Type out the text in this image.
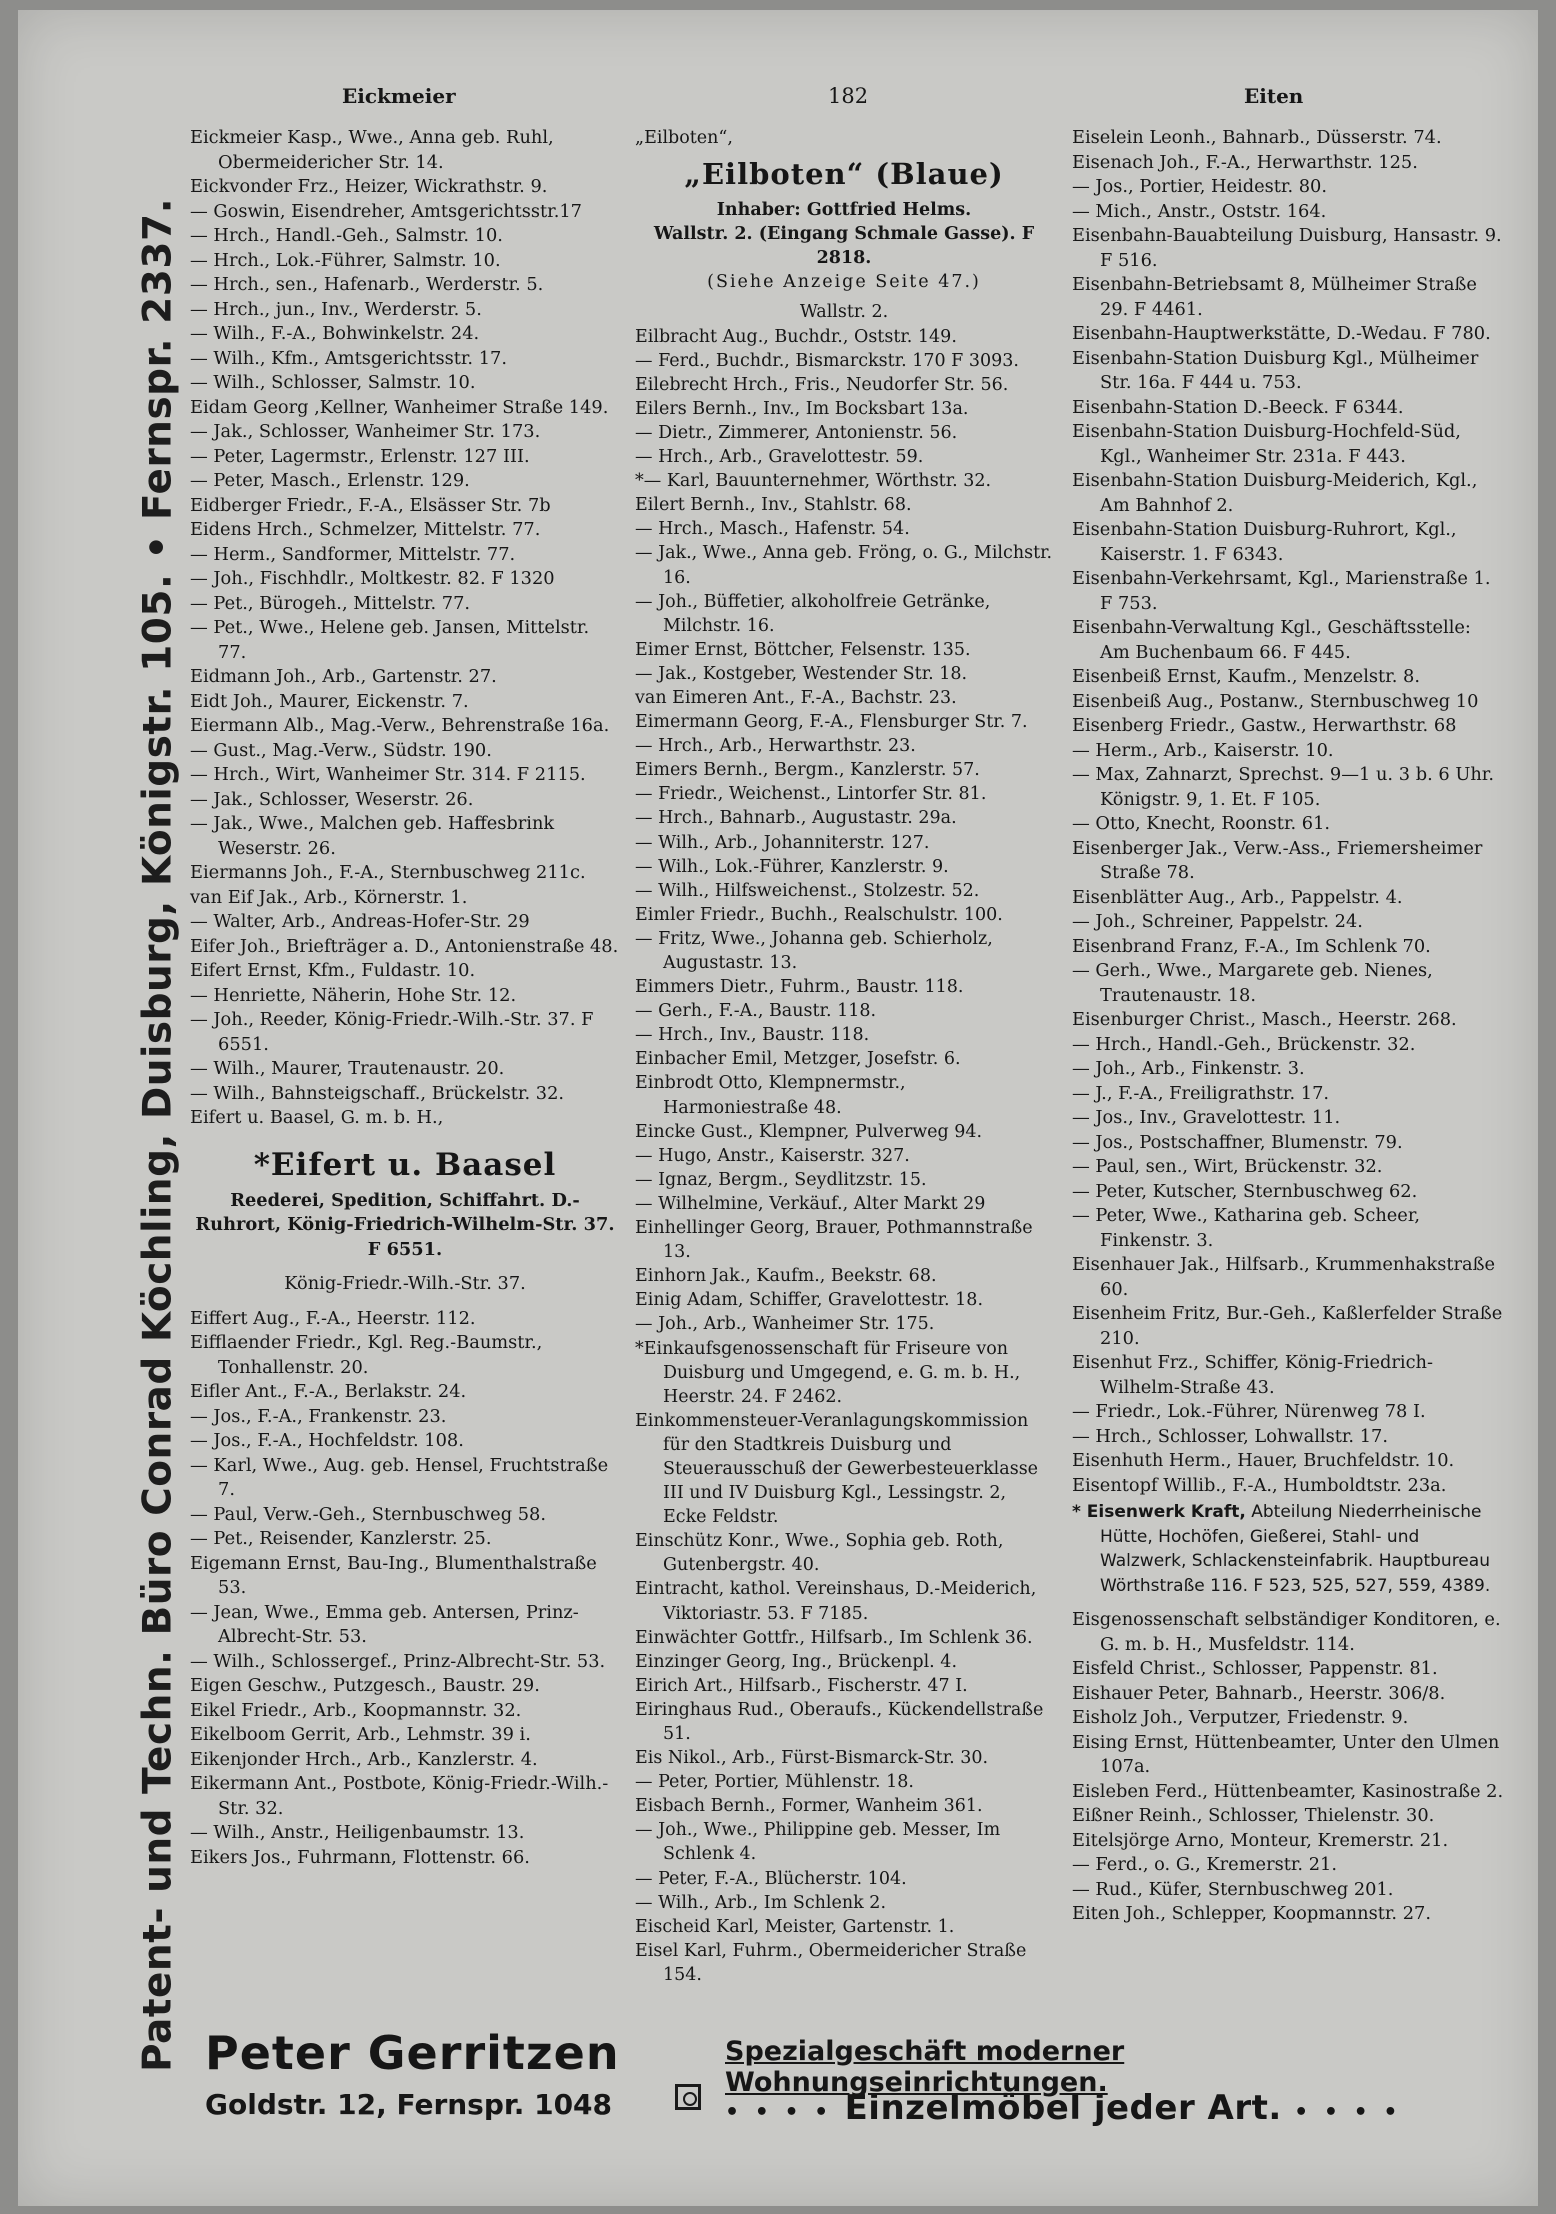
Patent- und Techn. Büro Conrad Köchling, Duisburg, Königstr. 105. • Fernspr. 2337.
Eickmeier	182	Eiten
Eickmeier Kasp., Wwe., Anna geb. Ruhl, Obermeidericher Str. 14.
Eickvonder Frz., Heizer, Wickrathstr. 9.
— Goswin, Eisendreher, Amtsgerichtsstr.17
— Hrch., Handl.-Geh., Salmstr. 10.
— Hrch., Lok.-Führer, Salmstr. 10.
— Hrch., sen., Hafenarb., Werderstr. 5.
— Hrch., jun., Inv., Werderstr. 5.
— Wilh., F.-A., Bohwinkelstr. 24.
— Wilh., Kfm., Amtsgerichtsstr. 17.
— Wilh., Schlosser, Salmstr. 10.
Eidam Georg ,Kellner, Wanheimer Straße 149.
— Jak., Schlosser, Wanheimer Str. 173.
— Peter, Lagermstr., Erlenstr. 127 III.
— Peter, Masch., Erlenstr. 129.
Eidberger Friedr., F.-A., Elsässer Str. 7b
Eidens Hrch., Schmelzer, Mittelstr. 77.
— Herm., Sandformer, Mittelstr. 77.
— Joh., Fischhdlr., Moltkestr. 82. F 1320
— Pet., Bürogeh., Mittelstr. 77.
— Pet., Wwe., Helene geb. Jansen, Mittelstr. 77.
Eidmann Joh., Arb., Gartenstr. 27.
Eidt Joh., Maurer, Eickenstr. 7.
Eiermann Alb., Mag.-Verw., Behrenstraße 16a.
— Gust., Mag.-Verw., Südstr. 190.
— Hrch., Wirt, Wanheimer Str. 314. F 2115.
— Jak., Schlosser, Weserstr. 26.
— Jak., Wwe., Malchen geb. Haffesbrink Weserstr. 26.
Eiermanns Joh., F.-A., Sternbuschweg 211c.
van Eif Jak., Arb., Körnerstr. 1.
— Walter, Arb., Andreas-Hofer-Str. 29
Eifer Joh., Briefträger a. D., Antonienstraße 48.
Eifert Ernst, Kfm., Fuldastr. 10.
— Henriette, Näherin, Hohe Str. 12.
— Joh., Reeder, König-Friedr.-Wilh.-Str. 37. F 6551.
— Wilh., Maurer, Trautenaustr. 20.
— Wilh., Bahnsteigschaff., Brückelstr. 32.
Eifert u. Baasel, G. m. b. H.,
*Eifert u. Baasel
Reederei, Spedition, Schiffahrt. D.-Ruhrort, König-Friedrich-Wilhelm-Str. 37. F 6551.
König-Friedr.-Wilh.-Str. 37.
Eiffert Aug., F.-A., Heerstr. 112.
Eifflaender Friedr., Kgl. Reg.-Baumstr., Tonhallenstr. 20.
Eifler Ant., F.-A., Berlakstr. 24.
— Jos., F.-A., Frankenstr. 23.
— Jos., F.-A., Hochfeldstr. 108.
— Karl, Wwe., Aug. geb. Hensel, Fruchtstraße 7.
— Paul, Verw.-Geh., Sternbuschweg 58.
— Pet., Reisender, Kanzlerstr. 25.
Eigemann Ernst, Bau-Ing., Blumenthalstraße 53.
— Jean, Wwe., Emma geb. Antersen, Prinz-Albrecht-Str. 53.
— Wilh., Schlossergef., Prinz-Albrecht-Str. 53.
Eigen Geschw., Putzgesch., Baustr. 29.
Eikel Friedr., Arb., Koopmannstr. 32.
Eikelboom Gerrit, Arb., Lehmstr. 39 i.
Eikenjonder Hrch., Arb., Kanzlerstr. 4.
Eikermann Ant., Postbote, König-Friedr.-Wilh.-Str. 32.
— Wilh., Anstr., Heiligenbaumstr. 13.
Eikers Jos., Fuhrmann, Flottenstr. 66.
„Eilboten“,
„Eilboten“ (Blaue)
Inhaber: Gottfried Helms.
Wallstr. 2. (Eingang Schmale Gasse). F 2818.
(Siehe Anzeige Seite 47.)
Wallstr. 2.
Eilbracht Aug., Buchdr., Oststr. 149.
— Ferd., Buchdr., Bismarckstr. 170 F 3093.
Eilebrecht Hrch., Fris., Neudorfer Str. 56.
Eilers Bernh., Inv., Im Bocksbart 13a.
— Dietr., Zimmerer, Antonienstr. 56.
— Hrch., Arb., Gravelottestr. 59.
*— Karl, Bauunternehmer, Wörthstr. 32.
Eilert Bernh., Inv., Stahlstr. 68.
— Hrch., Masch., Hafenstr. 54.
— Jak., Wwe., Anna geb. Fröng, o. G., Milchstr. 16.
— Joh., Büffetier, alkoholfreie Getränke, Milchstr. 16.
Eimer Ernst, Böttcher, Felsenstr. 135.
— Jak., Kostgeber, Westender Str. 18.
van Eimeren Ant., F.-A., Bachstr. 23.
Eimermann Georg, F.-A., Flensburger Str. 7.
— Hrch., Arb., Herwarthstr. 23.
Eimers Bernh., Bergm., Kanzlerstr. 57.
— Friedr., Weichenst., Lintorfer Str. 81.
— Hrch., Bahnarb., Augustastr. 29a.
— Wilh., Arb., Johanniterstr. 127.
— Wilh., Lok.-Führer, Kanzlerstr. 9.
— Wilh., Hilfsweichenst., Stolzestr. 52.
Eimler Friedr., Buchh., Realschulstr. 100.
— Fritz, Wwe., Johanna geb. Schierholz, Augustastr. 13.
Eimmers Dietr., Fuhrm., Baustr. 118.
— Gerh., F.-A., Baustr. 118.
— Hrch., Inv., Baustr. 118.
Einbacher Emil, Metzger, Josefstr. 6.
Einbrodt Otto, Klempnermstr., Harmoniestraße 48.
Eincke Gust., Klempner, Pulverweg 94.
— Hugo, Anstr., Kaiserstr. 327.
— Ignaz, Bergm., Seydlitzstr. 15.
— Wilhelmine, Verkäuf., Alter Markt 29
Einhellinger Georg, Brauer, Pothmannstraße 13.
Einhorn Jak., Kaufm., Beekstr. 68.
Einig Adam, Schiffer, Gravelottestr. 18.
— Joh., Arb., Wanheimer Str. 175.
*Einkaufsgenossenschaft für Friseure von Duisburg und Umgegend, e. G. m. b. H., Heerstr. 24. F 2462.
Einkommensteuer-Veranlagungskommission für den Stadtkreis Duisburg und Steuerausschuß der Gewerbesteuerklasse III und IV Duisburg Kgl., Lessingstr. 2, Ecke Feldstr.
Einschütz Konr., Wwe., Sophia geb. Roth, Gutenbergstr. 40.
Eintracht, kathol. Vereinshaus, D.-Meiderich, Viktoriastr. 53. F 7185.
Einwächter Gottfr., Hilfsarb., Im Schlenk 36.
Einzinger Georg, Ing., Brückenpl. 4.
Eirich Art., Hilfsarb., Fischerstr. 47 I.
Eiringhaus Rud., Oberaufs., Kückendellstraße 51.
Eis Nikol., Arb., Fürst-Bismarck-Str. 30.
— Peter, Portier, Mühlenstr. 18.
Eisbach Bernh., Former, Wanheim 361.
— Joh., Wwe., Philippine geb. Messer, Im Schlenk 4.
— Peter, F.-A., Blücherstr. 104.
— Wilh., Arb., Im Schlenk 2.
Eischeid Karl, Meister, Gartenstr. 1.
Eisel Karl, Fuhrm., Obermeidericher Straße 154.
Eiselein Leonh., Bahnarb., Düsserstr. 74.
Eisenach Joh., F.-A., Herwarthstr. 125.
— Jos., Portier, Heidestr. 80.
— Mich., Anstr., Oststr. 164.
Eisenbahn-Bauabteilung Duisburg, Hansastr. 9. F 516.
Eisenbahn-Betriebsamt 8, Mülheimer Straße 29. F 4461.
Eisenbahn-Hauptwerkstätte, D.-Wedau. F 780.
Eisenbahn-Station Duisburg Kgl., Mülheimer Str. 16a. F 444 u. 753.
Eisenbahn-Station D.-Beeck. F 6344.
Eisenbahn-Station Duisburg-Hochfeld-Süd, Kgl., Wanheimer Str. 231a. F 443.
Eisenbahn-Station Duisburg-Meiderich, Kgl., Am Bahnhof 2.
Eisenbahn-Station Duisburg-Ruhrort, Kgl., Kaiserstr. 1. F 6343.
Eisenbahn-Verkehrsamt, Kgl., Marienstraße 1. F 753.
Eisenbahn-Verwaltung Kgl., Geschäftsstelle: Am Buchenbaum 66. F 445.
Eisenbeiß Ernst, Kaufm., Menzelstr. 8.
Eisenbeiß Aug., Postanw., Sternbuschweg 10
Eisenberg Friedr., Gastw., Herwarthstr. 68
— Herm., Arb., Kaiserstr. 10.
— Max, Zahnarzt, Sprechst. 9—1 u. 3 b. 6 Uhr. Königstr. 9, 1. Et. F 105.
— Otto, Knecht, Roonstr. 61.
Eisenberger Jak., Verw.-Ass., Friemersheimer Straße 78.
Eisenblätter Aug., Arb., Pappelstr. 4.
— Joh., Schreiner, Pappelstr. 24.
Eisenbrand Franz, F.-A., Im Schlenk 70.
— Gerh., Wwe., Margarete geb. Nienes, Trautenaustr. 18.
Eisenburger Christ., Masch., Heerstr. 268.
— Hrch., Handl.-Geh., Brückenstr. 32.
— Joh., Arb., Finkenstr. 3.
— J., F.-A., Freiligrathstr. 17.
— Jos., Inv., Gravelottestr. 11.
— Jos., Postschaffner, Blumenstr. 79.
— Paul, sen., Wirt, Brückenstr. 32.
— Peter, Kutscher, Sternbuschweg 62.
— Peter, Wwe., Katharina geb. Scheer, Finkenstr. 3.
Eisenhauer Jak., Hilfsarb., Krummenhakstraße 60.
Eisenheim Fritz, Bur.-Geh., Kaßlerfelder Straße 210.
Eisenhut Frz., Schiffer, König-Friedrich-Wilhelm-Straße 43.
— Friedr., Lok.-Führer, Nürenweg 78 I.
— Hrch., Schlosser, Lohwallstr. 17.
Eisenhuth Herm., Hauer, Bruchfeldstr. 10.
Eisentopf Willib., F.-A., Humboldtstr. 23a.
* Eisenwerk Kraft, Abteilung Niederrheinische Hütte, Hochöfen, Gießerei, Stahl- und Walzwerk, Schlackensteinfabrik. Hauptbureau Wörthstraße 116. F 523, 525, 527, 559, 4389.
Eisgenossenschaft selbständiger Konditoren, e. G. m. b. H., Musfeldstr. 114.
Eisfeld Christ., Schlosser, Pappenstr. 81.
Eishauer Peter, Bahnarb., Heerstr. 306/8.
Eisholz Joh., Verputzer, Friedenstr. 9.
Eising Ernst, Hüttenbeamter, Unter den Ulmen 107a.
Eisleben Ferd., Hüttenbeamter, Kasinostraße 2.
Eißner Reinh., Schlosser, Thielenstr. 30.
Eitelsjörge Arno, Monteur, Kremerstr. 21.
— Ferd., o. G., Kremerstr. 21.
— Rud., Küfer, Sternbuschweg 201.
Eiten Joh., Schlepper, Koopmannstr. 27.
Peter Gerritzen
Goldstr. 12, Fernspr. 1048
Spezialgeschäft moderner Wohnungseinrichtungen.
• • • • Einzelmöbel jeder Art. • • • •
